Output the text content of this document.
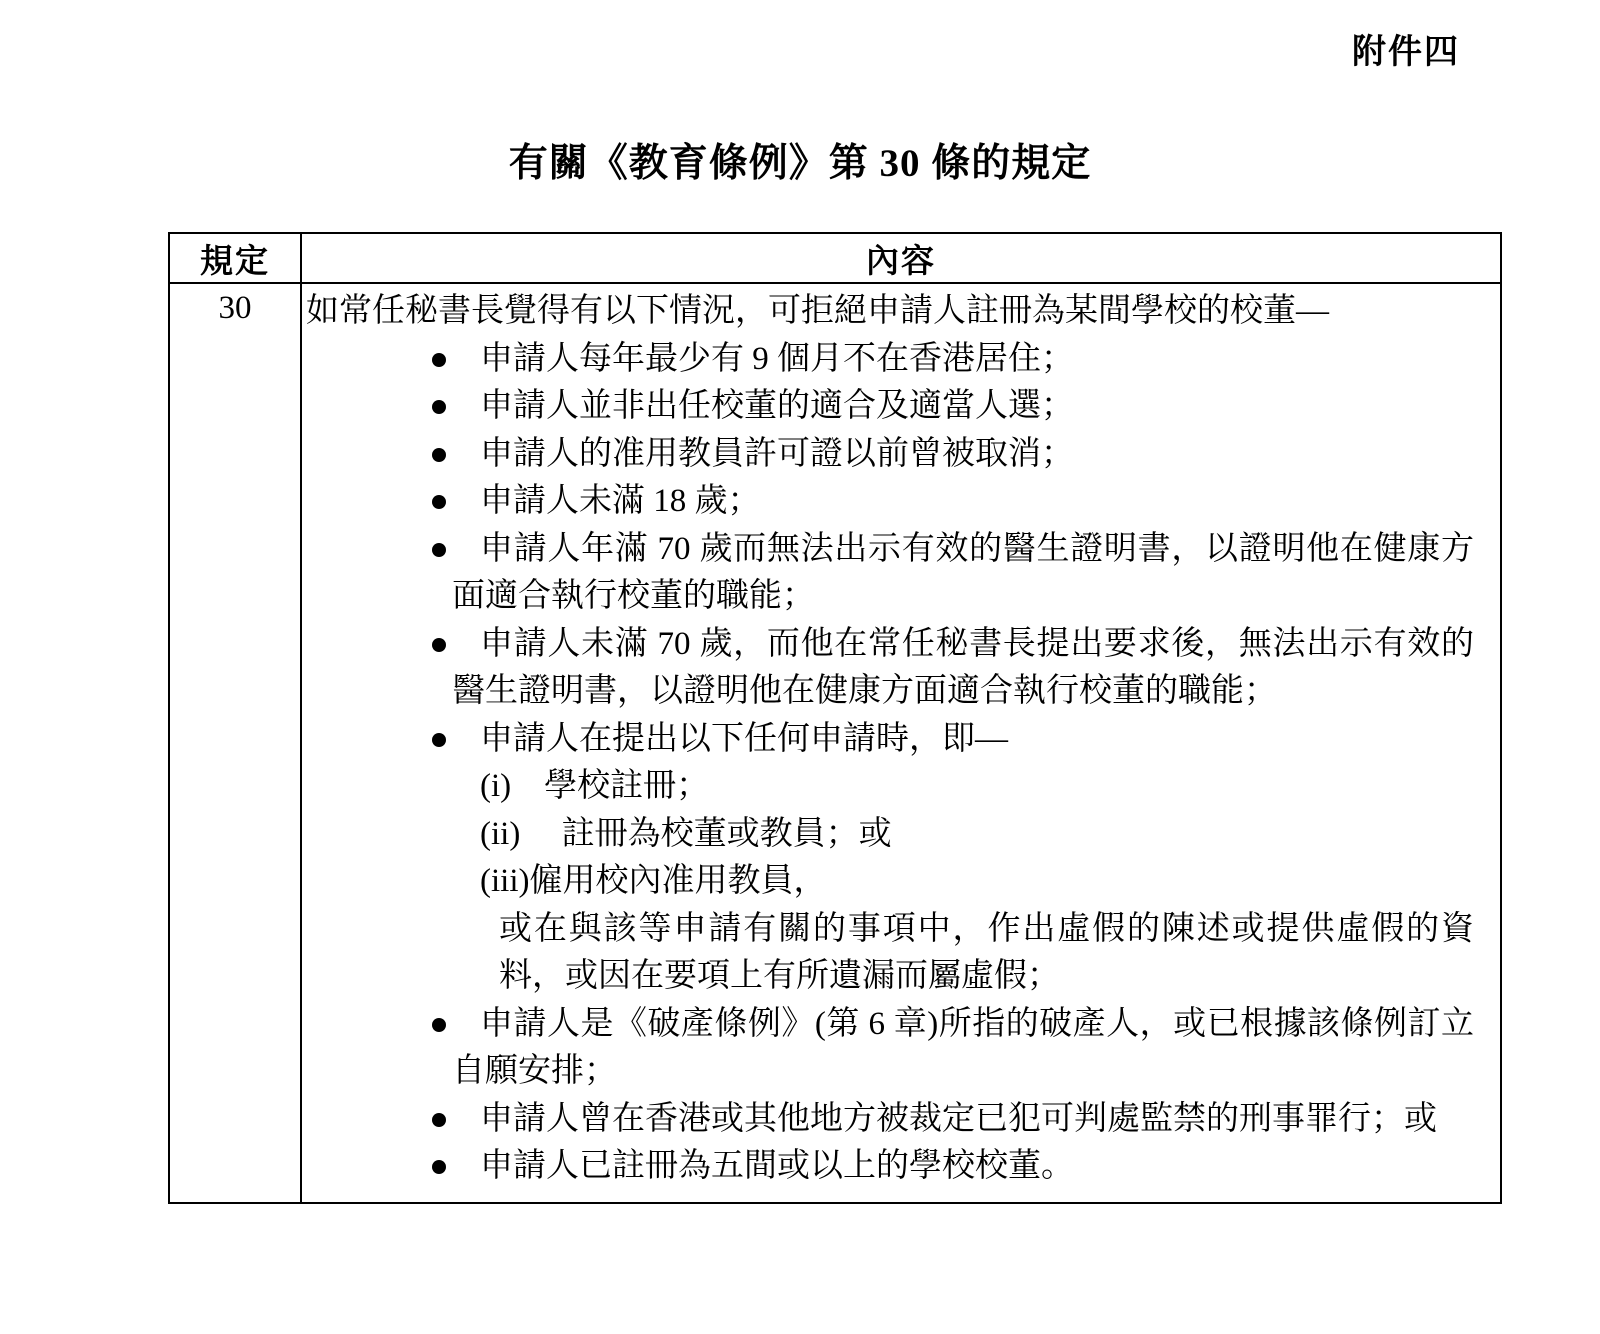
附件四
有關《教育條例》第 30 條的規定
規定	內容
30	如常任秘書長覺得有以下情況，可拒絕申請人註冊為某間學校的校董—
申請人每年最少有 9 個月不在香港居住；
申請人並非出任校董的適合及適當人選；
申請人的准用教員許可證以前曾被取消；
申請人未滿 18 歲；
申請人年滿 70 歲而無法出示有效的醫生證明書，以證明他在健康方面適合執行校董的職能；
申請人未滿 70 歲，而他在常任秘書長提出要求後，無法出示有效的醫生證明書，以證明他在健康方面適合執行校董的職能；
申請人在提出以下任何申請時，即—
(i)　學校註冊；
(ii)　 註冊為校董或教員；或
(iii)僱用校內准用教員，
或在與該等申請有關的事項中，作出虛假的陳述或提供虛假的資料，或因在要項上有所遺漏而屬虛假；
申請人是《破產條例》(第 6 章)所指的破產人，或已根據該條例訂立自願安排；
申請人曾在香港或其他地方被裁定已犯可判處監禁的刑事罪行；或
申請人已註冊為五間或以上的學校校董。
